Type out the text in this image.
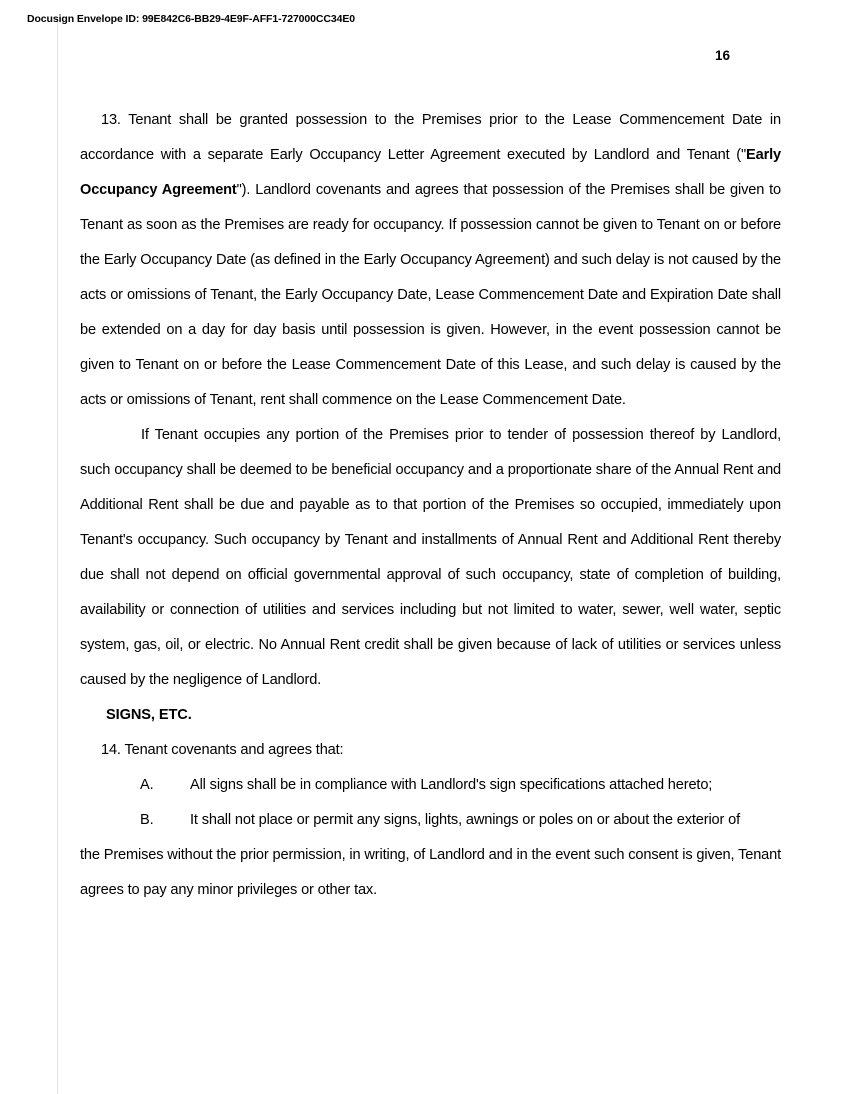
Docusign Envelope ID: 99E842C6-BB29-4E9F-AFF1-727000CC34E0
16

13. Tenant shall be granted possession to the Premises prior to the Lease Commencement Date in accordance with a separate Early Occupancy Letter Agreement executed by Landlord and Tenant ("Early Occupancy Agreement"). Landlord covenants and agrees that possession of the Premises shall be given to Tenant as soon as the Premises are ready for occupancy. If possession cannot be given to Tenant on or before the Early Occupancy Date (as defined in the Early Occupancy Agreement) and such delay is not caused by the acts or omissions of Tenant, the Early Occupancy Date, Lease Commencement Date and Expiration Date shall be extended on a day for day basis until possession is given. However, in the event possession cannot be given to Tenant on or before the Lease Commencement Date of this Lease, and such delay is caused by the acts or omissions of Tenant, rent shall commence on the Lease Commencement Date.

If Tenant occupies any portion of the Premises prior to tender of possession thereof by Landlord, such occupancy shall be deemed to be beneficial occupancy and a proportionate share of the Annual Rent and Additional Rent shall be due and payable as to that portion of the Premises so occupied, immediately upon Tenant's occupancy. Such occupancy by Tenant and installments of Annual Rent and Additional Rent thereby due shall not depend on official governmental approval of such occupancy, state of completion of building, availability or connection of utilities and services including but not limited to water, sewer, well water, septic system, gas, oil, or electric. No Annual Rent credit shall be given because of lack of utilities or services unless caused by the negligence of Landlord.

SIGNS, ETC.

14. Tenant covenants and agrees that:

A.	All signs shall be in compliance with Landlord's sign specifications attached hereto;
B.	It shall not place or permit any signs, lights, awnings or poles on or about the exterior of
the Premises without the prior permission, in writing, of Landlord and in the event such consent is given, Tenant agrees to pay any minor privileges or other tax.
